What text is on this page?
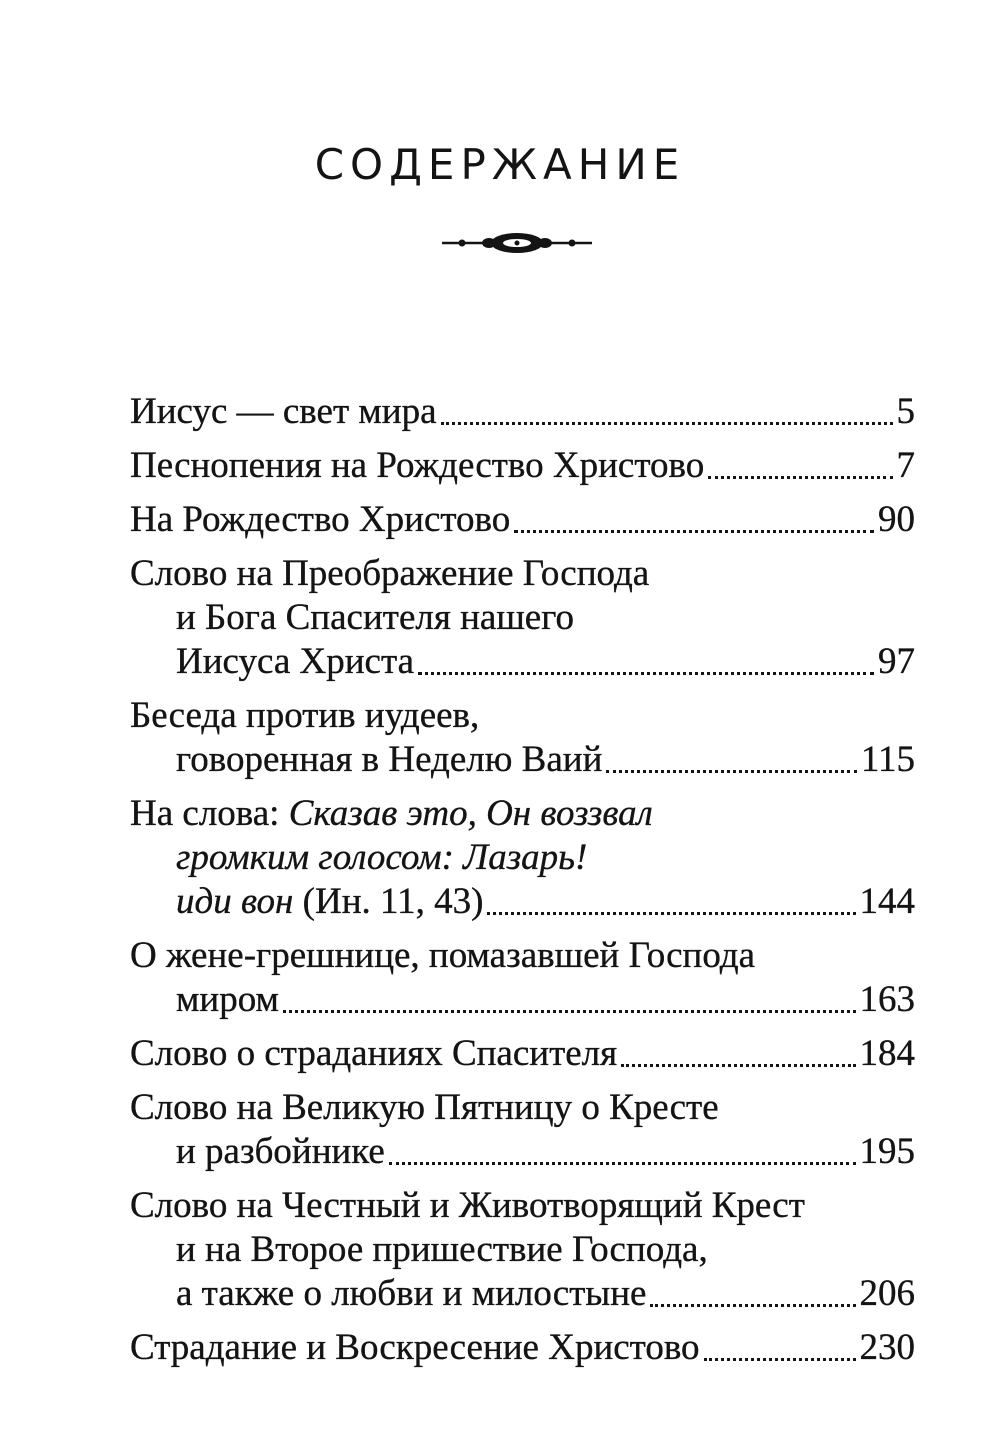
СОДЕРЖАНИЕ
Иисус — свет мира	5
Песнопения на Рождество Христово	7
На Рождество Христово	90
Слово на Преображение Господа
и Бога Спасителя нашего
Иисуса Христа	97
Беседа против иудеев,
говоренная в Неделю Ваий	115
На слова: Сказав это, Он воззвал
громким голосом: Лазарь!
иди вон (Ин. 11, 43)	144
О жене-грешнице, помазавшей Господа
миром	163
Слово о страданиях Спасителя	184
Слово на Великую Пятницу о Кресте
и разбойнике	195
Слово на Честный и Животворящий Крест
и на Второе пришествие Господа,
а также о любви и милостыне	206
Страдание и Воскресение Христово	230
